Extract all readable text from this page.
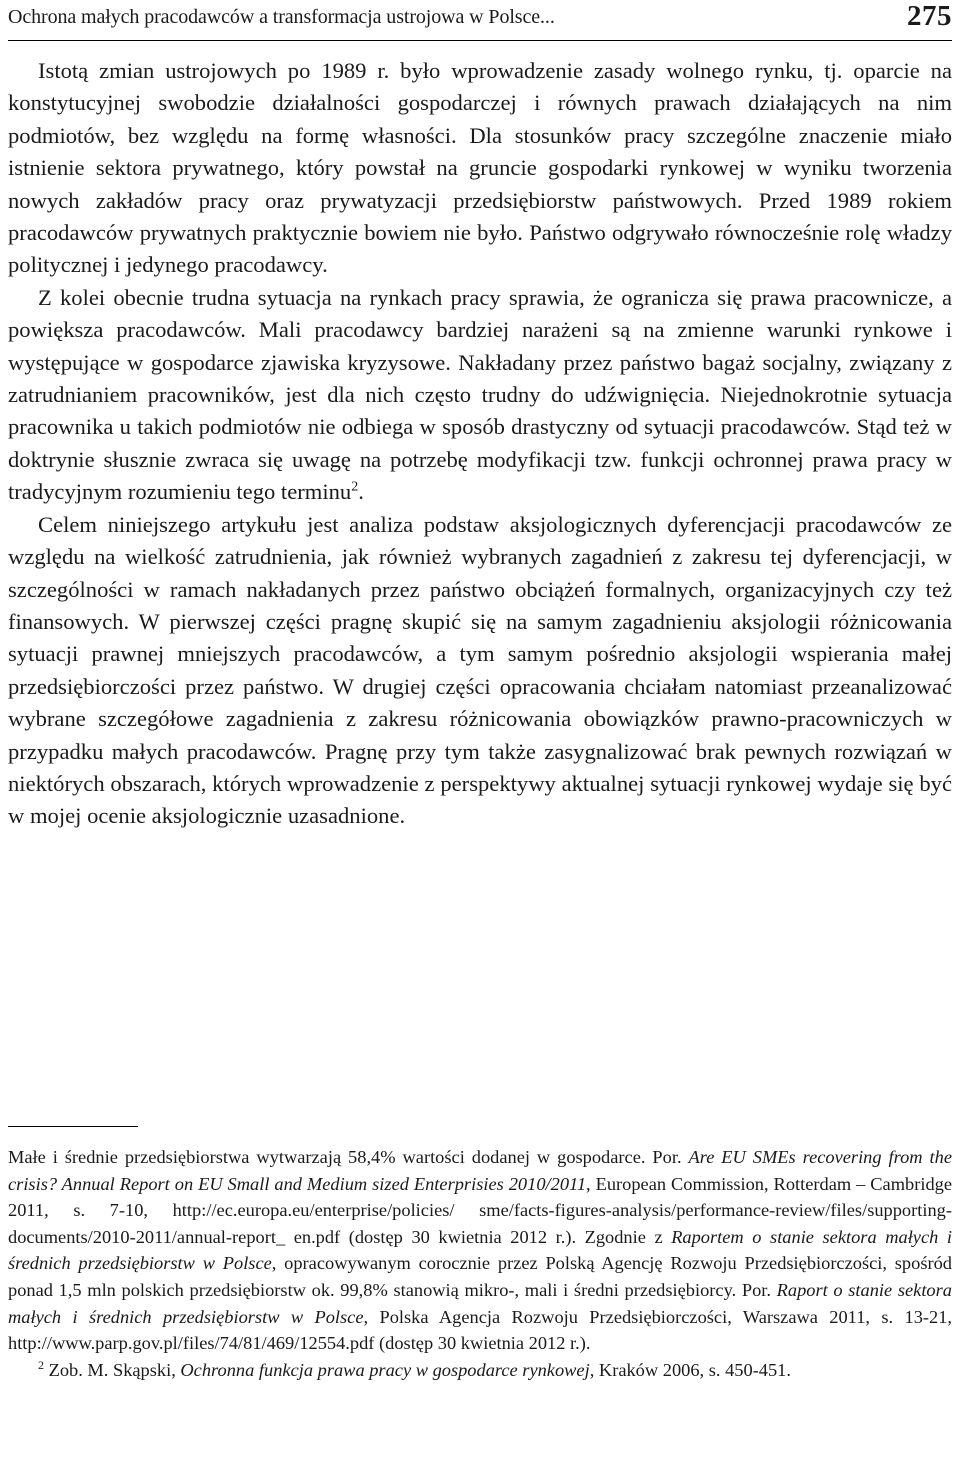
Ochrona małych pracodawców a transformacja ustrojowa w Polsce...	275

Istotą zmian ustrojowych po 1989 r. było wprowadzenie zasady wolnego rynku, tj. oparcie na konstytucyjnej swobodzie działalności gospodarczej i równych prawach działających na nim podmiotów, bez względu na formę własności. Dla stosunków pracy szczególne znaczenie miało istnienie sektora prywatnego, który powstał na gruncie gospodarki rynkowej w wyniku tworzenia nowych zakładów pracy oraz prywatyzacji przedsiębiorstw państwowych. Przed 1989 rokiem pracodawców prywatnych praktycznie bowiem nie było. Państwo odgrywało równocześnie rolę władzy politycznej i jedynego pracodawcy.

Z kolei obecnie trudna sytuacja na rynkach pracy sprawia, że ogranicza się prawa pracownicze, a powiększa pracodawców. Mali pracodawcy bardziej narażeni są na zmienne warunki rynkowe i występujące w gospodarce zjawiska kryzysowe. Nakładany przez państwo bagaż socjalny, związany z zatrudnianiem pracowników, jest dla nich często trudny do udźwignięcia. Niejednokrotnie sytuacja pracownika u takich podmiotów nie odbiega w sposób drastyczny od sytuacji pracodawców. Stąd też w doktrynie słusznie zwraca się uwagę na potrzebę modyfikacji tzw. funkcji ochronnej prawa pracy w tradycyjnym rozumieniu tego terminu$^2$.

Celem niniejszego artykułu jest analiza podstaw aksjologicznych dyferencjacji pracodawców ze względu na wielkość zatrudnienia, jak również wybranych zagadnień z zakresu tej dyferencjacji, w szczególności w ramach nakładanych przez państwo obciążeń formalnych, organizacyjnych czy też finansowych. W pierwszej części pragnę skupić się na samym zagadnieniu aksjologii różnicowania sytuacji prawnej mniejszych pracodawców, a tym samym pośrednio aksjologii wspierania małej przedsiębiorczości przez państwo. W drugiej części opracowania chciałam natomiast przeanalizować wybrane szczegółowe zagadnienia z zakresu różnicowania obowiązków prawno-pracowniczych w przypadku małych pracodawców. Pragnę przy tym także zasygnalizować brak pewnych rozwiązań w niektórych obszarach, których wprowadzenie z perspektywy aktualnej sytuacji rynkowej wydaje się być w mojej ocenie aksjologicznie uzasadnione.

Małe i średnie przedsiębiorstwa wytwarzają 58,4% wartości dodanej w gospodarce. Por. Are EU SMEs recovering from the crisis? Annual Report on EU Small and Medium sized Enterprisies 2010/2011, European Commission, Rotterdam – Cambridge 2011, s. 7-10, http://ec.europa.eu/enterprise/policies/ sme/facts-figures-analysis/performance-review/files/supporting-documents/2010-2011/annual-report_ en.pdf (dostęp 30 kwietnia 2012 r.). Zgodnie z Raportem o stanie sektora małych i średnich przedsiębiorstw w Polsce, opracowywanym corocznie przez Polską Agencję Rozwoju Przedsiębiorczości, spośród ponad 1,5 mln polskich przedsiębiorstw ok. 99,8% stanowią mikro-, mali i średni przedsiębiorcy. Por. Raport o stanie sektora małych i średnich przedsiębiorstw w Polsce, Polska Agencja Rozwoju Przedsiębiorczości, Warszawa 2011, s. 13-21, http://www.parp.gov.pl/files/74/81/469/12554.pdf (dostęp 30 kwietnia 2012 r.).

$^2$ Zob. M. Skąpski, Ochronna funkcja prawa pracy w gospodarce rynkowej, Kraków 2006, s. 450-451.
